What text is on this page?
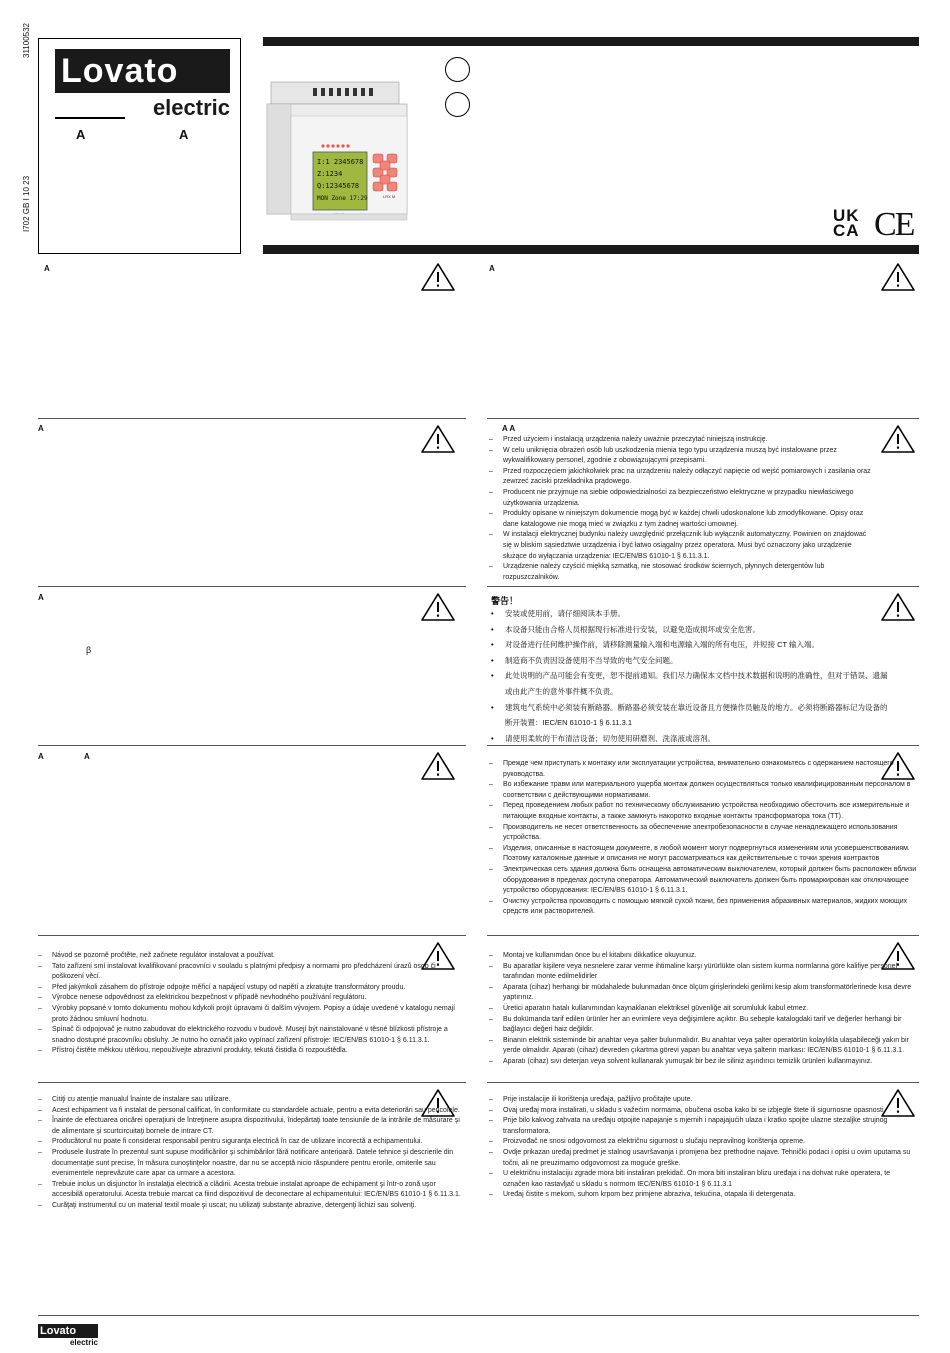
31100532
I702 GB I 10 23
Lovato
electric
A	A
I:1 2345678
Z:1234
Q:12345678
MON Zone 17:29	LRX M
UK
CA CE
A	A
A	A A
A
β
A	A
– Przed użyciem i instalacją urządzenia należy uważnie przeczytać niniejszą instrukcję.
– W celu uniknięcia obrażeń osób lub uszkodzenia mienia tego typu urządzenia muszą być instalowane przez wykwalifikowany personel, zgodnie z obowiązującymi przepisami.
– Przed rozpoczęciem jakichkolwiek prac na urządzeniu należy odłączyć napięcie od wejść pomiarowych i zasilania oraz zewrzeć zaciski przekładnika prądowego.
– Producent nie przyjmuje na siebie odpowiedzialności za bezpieczeństwo elektryczne w przypadku niewłaściwego użytkowania urządzenia.
– Produkty opisane w niniejszym dokumencie mogą być w każdej chwili udoskonalone lub zmodyfikowane. Opisy oraz dane katalogowe nie mogą mieć w związku z tym żadnej wartości umownej.
– W instalacji elektrycznej budynku należy uwzględnić przełącznik lub wyłącznik automatyczny. Powinien on znajdować się w bliskim sąsiedztwie urządzenia i być łatwo osiągalny przez operatora. Musi być oznaczony jako urządzenie służące do wyłączania urządzenia: IEC/EN/BS 61010-1 § 6.11.3.1.
– Urządzenie należy czyścić miękką szmatką, nie stosować środków ściernych, płynnych detergentów lub rozpuszczalników.
警告！
• 安装或使用前，请仔细阅读本手册。
• 本设备只能由合格人员根据现行标准进行安装，以避免造成损坏或安全危害。
• 对设备进行任何维护操作前，请移除测量输入端和电源输入端的所有电压，并短接 CT 输入端。
• 制造商不负责因设备使用不当导致的电气安全问题。
• 此处说明的产品可能会有变更，恕不提前通知。我们尽力确保本文档中技术数据和说明的准确性，但对于错误、遗漏或由此产生的意外事件概不负责。
• 建筑电气系统中必须装有断路器。断路器必须安装在靠近设备且方便操作员触及的地方。必须将断路器标记为设备的断开装置：IEC/EN 61010-1 § 6.11.3.1
• 请使用柔软的干布清洁设备；切勿使用研磨剂、洗涤液或溶剂。
– Прежде чем приступать к монтажу или эксплуатации устройства, внимательно ознакомьтесь с одержанием настоящего руководства.
– Во избежание травм или материального ущерба монтаж должен осуществляться только квалифицированным персоналом в соответствии с действующими нормативами.
– Перед проведением любых работ по техническому обслуживанию устройства необходимо обесточить все измерительные и питающие входные контакты, а также замкнуть накоротко входные контакты трансформатора тока (ТТ).
– Производитель не несет ответственность за обеспечение электробезопасности в случае ненадлежащего использования устройства.
– Изделия, описанные в настоящем документе, в любой момент могут подвергнуться изменениям или усовершенствованиям. Поэтому каталожные данные и описания не могут рассматриваться как действительные с точки зрения контрактов
– Электрическая сеть здания должна быть оснащена автоматическим выключателем, который должен быть расположен вблизи оборудования в пределах доступа оператора. Автоматический выключатель должен быть промаркирован как отключающее устройство оборудования: IEC/EN/BS 61010-1 § 6.11.3.1.
– Очистку устройства производить с помощью мягкой сухой ткани, без применения абразивных материалов, жидких моющих средств или растворителей.
– Návod se pozorně pročtěte, než začnete regulátor instalovat a používat.
– Tato zařízení smí instalovat kvalifikovaní pracovníci v souladu s platnými předpisy a normami pro předcházení úrazů osob či poškození věcí.
– Před jakýmkoli zásahem do přístroje odpojte měřicí a napájecí vstupy od napětí a zkratujte transformátory proudu.
– Výrobce nenese odpovědnost za elektrickou bezpečnost v případě nevhodného používání regulátoru.
– Výrobky popsané v tomto dokumentu mohou kdykoli projít úpravami či dalším vývojem. Popisy a údaje uvedené v katalogu nemají proto žádnou smluvní hodnotu.
– Spínač či odpojovač je nutno zabudovat do elektrického rozvodu v budově. Musejí být nainstalované v těsné blízkosti přístroje a snadno dostupné pracovníku obsluhy. Je nutno ho označit jako vypínací zařízení přístroje: IEC/EN/BS 61010-1 § 6.11.3.1.
– Přístroj čistěte měkkou utěrkou, nepoužívejte abrazivní produkty, tekutá čistidla či rozpouštědla.
– Montaj ve kullanımdan önce bu el kitabını dikkatlice okuyunuz.
– Bu aparatlar kişilere veya nesnelere zarar verme ihtimaline karşı yürürlükte olan sistem kurma normlarına göre kalifiye personel tarafından monte edilmelidirler
– Aparata (cihaz) herhangi bir müdahalede bulunmadan önce ölçüm girişlerindeki gerilimi kesip akım transformatörlerinede kısa devre yaptırınız.
– Üretici aparatın hatalı kullanımından kaynaklanan elektriksel güvenliğe ait sorumluluk kabul etmez.
– Bu dokümanda tarif edilen ürünler her an evrimlere veya değişimlere açıktır. Bu sebeple katalogdaki tarif ve değerler herhangi bir bağlayıcı değeri haiz değildir.
– Binanın elektrik sisteminde bir anahtar veya şalter bulunmalıdır. Bu anahtar veya şalter operatörün kolaylıkla ulaşabileceği yakın bir yerde olmalıdır. Aparatı (cihaz) devreden çıkartma görevi yapan bu anahtar veya şalterin markası: IEC/EN/BS 61010-1 § 6.11.3.1.
– Aparatı (cihaz) sıvı deterjan veya solvent kullanarak yumuşak bir bez ile siliniz aşındırıcı temizlik ürünleri kullanmayınız.
– Citiţi cu atenţie manualul înainte de instalare sau utilizare.
– Acest echipament va fi instalat de personal calificat, în conformitate cu standardele actuale, pentru a evita deteriorări sau pericolele.
– Înainte de efectuarea oricărei operaţiuni de întreţinere asupra dispozitivului, îndepărtaţi toate tensiunile de la intrările de măsurare şi de alimentare şi scurtcircuitaţi bornele de intrare CT.
– Producătorul nu poate fi considerat responsabil pentru siguranţa electrică în caz de utilizare incorectă a echipamentului.
– Produsele ilustrate în prezentul sunt supuse modificărilor şi schimbărilor fără notificare anterioară. Datele tehnice şi descrierile din documentaţie sunt precise, în măsura cunoştinţelor noastre, dar nu se acceptă nicio răspundere pentru erorile, omiterile sau evenimentele neprevăzute care apar ca urmare a acestora.
– Trebuie inclus un disjunctor în instalaţia electrică a clădirii. Acesta trebuie instalat aproape de echipament şi într-o zonă uşor accesibilă operatorului. Acesta trebuie marcat ca fiind dispozitivul de deconectare al echipamentului: IEC/EN/BS 61010-1 § 6.11.3.1.
– Curăţaţi instrumentul cu un material textil moale şi uscat; nu utilizaţi substanţe abrazive, detergenţi lichizi sau solvenţi.
– Prije instalacije ili korištenja uređaja, pažljivo pročitajte upute.
– Ovaj uređaj mora instalirati, u skladu s važećim normama, obučena osoba kako bi se izbjegle štete ili sigurnosne opasnosti.
– Prije bilo kakvog zahvata na uređaju otpojite napajanje s mjernih i napajajućih ulaza i kratko spojite ulazne stezaljke strujnog transformatora.
– Proizvođač ne snosi odgovornost za električnu sigurnost u slučaju nepravilnog korištenja opreme.
– Ovdje prikazan uređaj predmet je stalnog usavršavanja i promjena bez prethodne najave. Tehnički podaci i opisi u ovim uputama su točni, ali ne preuzimamo odgovornost za moguće greške.
– U električnu instalaciju zgrade mora biti instaliran prekidač. On mora biti instaliran blizu uređaja i na dohvat ruke operatera, te označen kao rastavljač u skladu s normom IEC/EN/BS 61010-1 § 6.11.3.1
– Uređaj čistite s mekom, suhom krpom bez primjene abraziva, tekućina, otapala ili detergenata.
Lovato
electric
